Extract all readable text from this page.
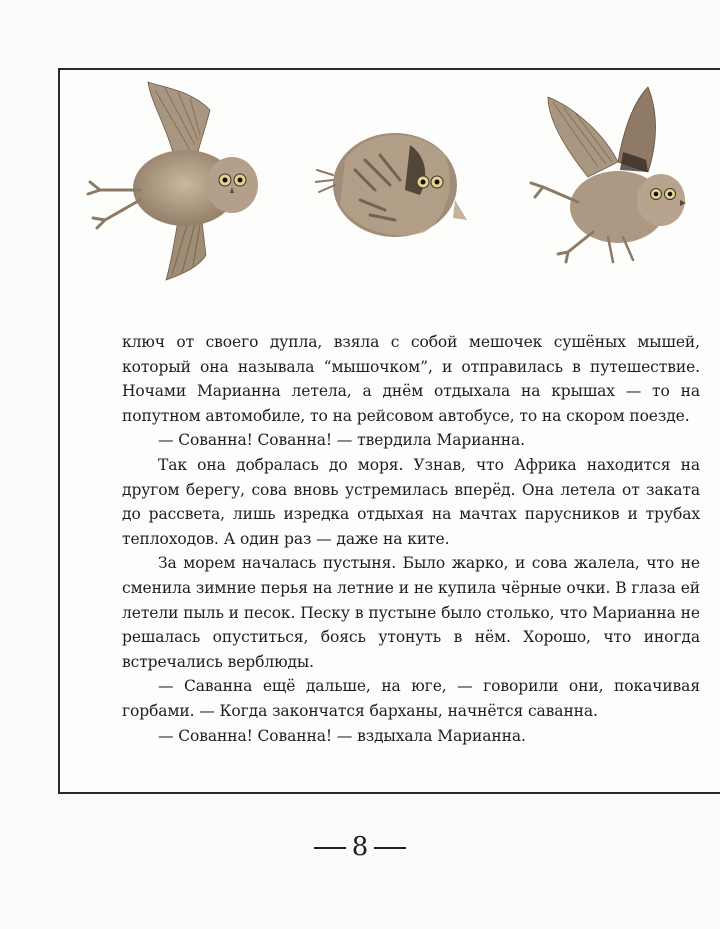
ключ от своего дупла, взяла с собой мешочек сушёных мышей, который она называла “мышочком”, и отправилась в путешествие. Ночами Марианна летела, а днём отдыхала на крышах — то на попутном автомобиле, то на рейсовом автобусе, то на скором поезде.

— Сованна! Сованна! — твердила Марианна.

Так она добралась до моря. Узнав, что Африка находится на другом берегу, сова вновь устремилась вперёд. Она летела от заката до рассвета, лишь изредка отдыхая на мачтах парусников и трубах теплоходов. А один раз — даже на ките.

За морем началась пустыня. Было жарко, и сова жалела, что не сменила зимние перья на летние и не купила чёрные очки. В глаза ей летели пыль и песок. Песку в пустыне было столько, что Марианна не решалась опуститься, боясь утонуть в нём. Хорошо, что иногда встречались верблюды.

— Саванна ещё дальше, на юге, — говорили они, покачивая горбами. — Когда закончатся барханы, начнётся саванна.

— Сованна! Сованна! — вздыхала Марианна.

8
